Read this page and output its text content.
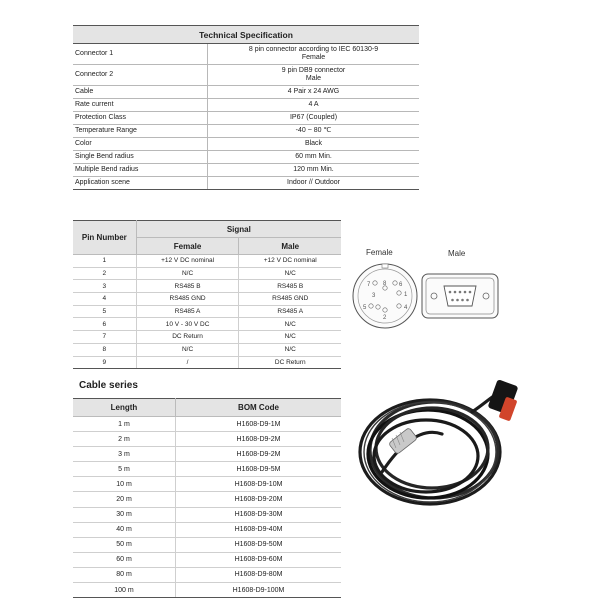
Technical Specification	
Connector 1	8 pin connector according to IEC 60130-9
Female
Connector 2	9 pin DB9 connector
Male
Cable	4 Pair x 24 AWG
Rate current	4 A
Protection Class	IP67 (Coupled)
Temperature Range	-40 ~ 80 ℃
Color	Black
Single Bend radius	60 mm Min.
Multiple Bend radius	120 mm Min.
Application scene	Indoor // Outdoor
Pin Number	Signal	
	Female	Male
1	+12 V DC nominal	+12 V DC nominal
2	N/C	N/C
3	RS485 B	RS485 B
4	RS485 GND	RS485 GND
5	RS485 A	RS485 A
6	10 V - 30 V DC	N/C
7	DC Return	N/C
8	N/C	N/C
9	/	DC Return
Female	Male
7 8 6
1
5	4
2
3
Cable series
Length	BOM Code
1 m	H1608-D9-1M
2 m	H1608-D9-2M
3 m	H1608-D9-2M
5 m	H1608-D9-5M
10 m	H1608-D9-10M
20 m	H1608-D9-20M
30 m	H1608-D9-30M
40 m	H1608-D9-40M
50 m	H1608-D9-50M
60 m	H1608-D9-60M
80 m	H1608-D9-80M
100 m	H1608-D9-100M
